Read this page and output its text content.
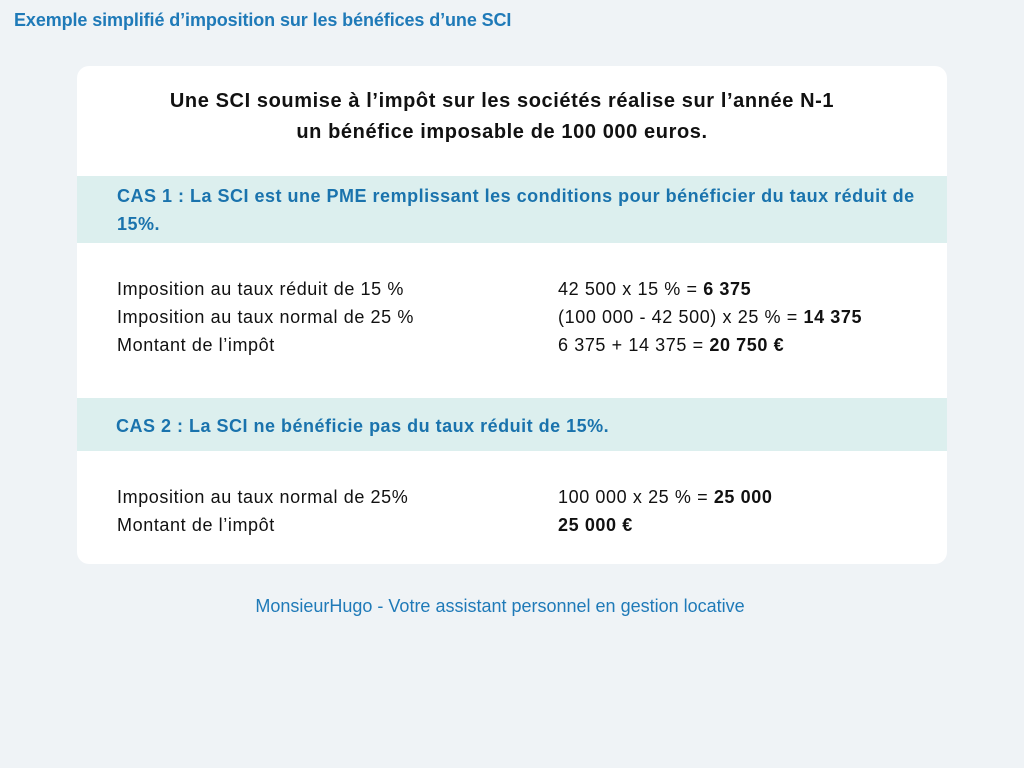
Exemple simplifié d’imposition sur les bénéfices d’une SCI
Une SCI soumise à l’impôt sur les sociétés réalise sur l’année N-1
un bénéfice imposable de 100 000 euros.
CAS 1 : La SCI est une PME remplissant les conditions pour bénéficier du taux réduit de 15%.
Imposition au taux réduit de 15 %	42 500 x 15 % = 6 375
Imposition au taux normal de 25 %	(100 000 - 42 500) x 25 % = 14 375
Montant de l’impôt	6 375 + 14 375 = 20 750 €
CAS 2 : La SCI ne bénéficie pas du taux réduit de 15%.
Imposition au taux normal de 25%	100 000 x 25 % = 25 000
Montant de l’impôt	25 000 €
MonsieurHugo - Votre assistant personnel en gestion locative
